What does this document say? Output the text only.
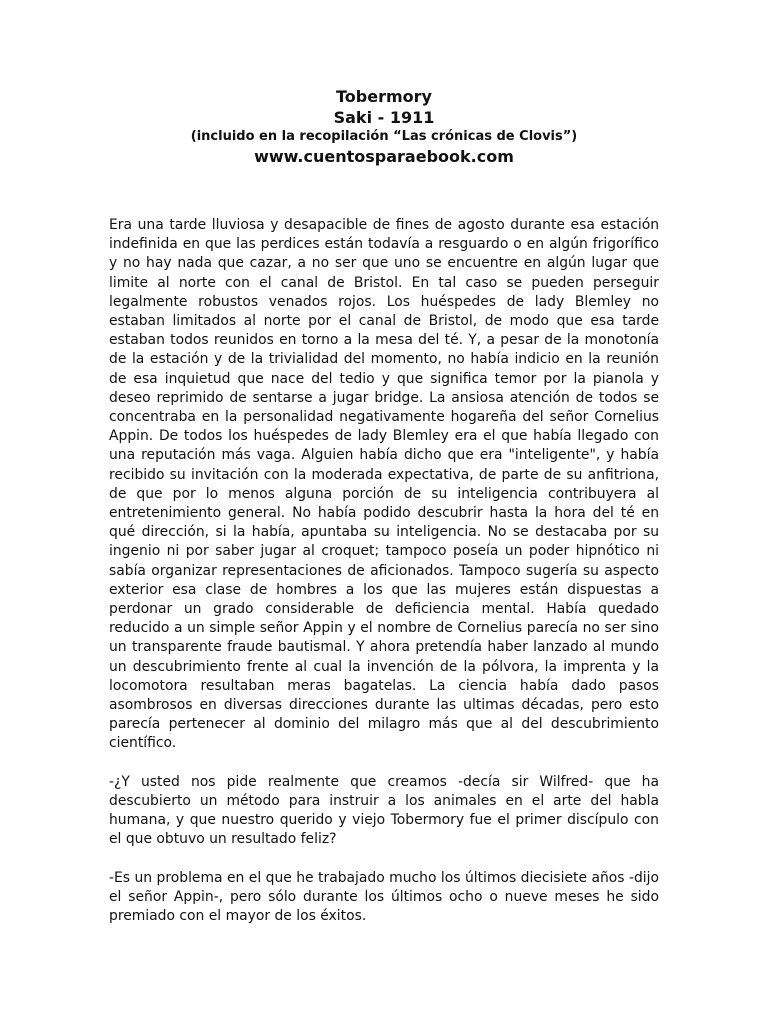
Tobermory
Saki - 1911
(incluido en la recopilación “Las crónicas de Clovis”)
www.cuentosparaebook.com

Era una tarde lluviosa y desapacible de fines de agosto durante esa estación indefinida en que las perdices están todavía a resguardo o en algún frigorífico y no hay nada que cazar, a no ser que uno se encuentre en algún lugar que limite al norte con el canal de Bristol. En tal caso se pueden perseguir legalmente robustos venados rojos. Los huéspedes de lady Blemley no estaban limitados al norte por el canal de Bristol, de modo que esa tarde estaban todos reunidos en torno a la mesa del té. Y, a pesar de la monotonía de la estación y de la trivialidad del momento, no había indicio en la reunión de esa inquietud que nace del tedio y que significa temor por la pianola y deseo reprimido de sentarse a jugar bridge. La ansiosa atención de todos se concentraba en la personalidad negativamente hogareña del señor Cornelius Appin. De todos los huéspedes de lady Blemley era el que había llegado con una reputación más vaga. Alguien había dicho que era "inteligente", y había recibido su invitación con la moderada expectativa, de parte de su anfitriona, de que por lo menos alguna porción de su inteligencia contribuyera al entretenimiento general. No había podido descubrir hasta la hora del té en qué dirección, si la había, apuntaba su inteligencia. No se destacaba por su ingenio ni por saber jugar al croquet; tampoco poseía un poder hipnótico ni sabía organizar representaciones de aficionados. Tampoco sugería su aspecto exterior esa clase de hombres a los que las mujeres están dispuestas a perdonar un grado considerable de deficiencia mental. Había quedado reducido a un simple señor Appin y el nombre de Cornelius parecía no ser sino un transparente fraude bautismal. Y ahora pretendía haber lanzado al mundo un descubrimiento frente al cual la invención de la pólvora, la imprenta y la locomotora resultaban meras bagatelas. La ciencia había dado pasos asombrosos en diversas direcciones durante las ultimas décadas, pero esto parecía pertenecer al dominio del milagro más que al del descubrimiento científico.

-¿Y usted nos pide realmente que creamos -decía sir Wilfred- que ha descubierto un método para instruir a los animales en el arte del habla humana, y que nuestro querido y viejo Tobermory fue el primer discípulo con el que obtuvo un resultado feliz?

-Es un problema en el que he trabajado mucho los últimos diecisiete años -dijo el señor Appin-, pero sólo durante los últimos ocho o nueve meses he sido premiado con el mayor de los éxitos.
